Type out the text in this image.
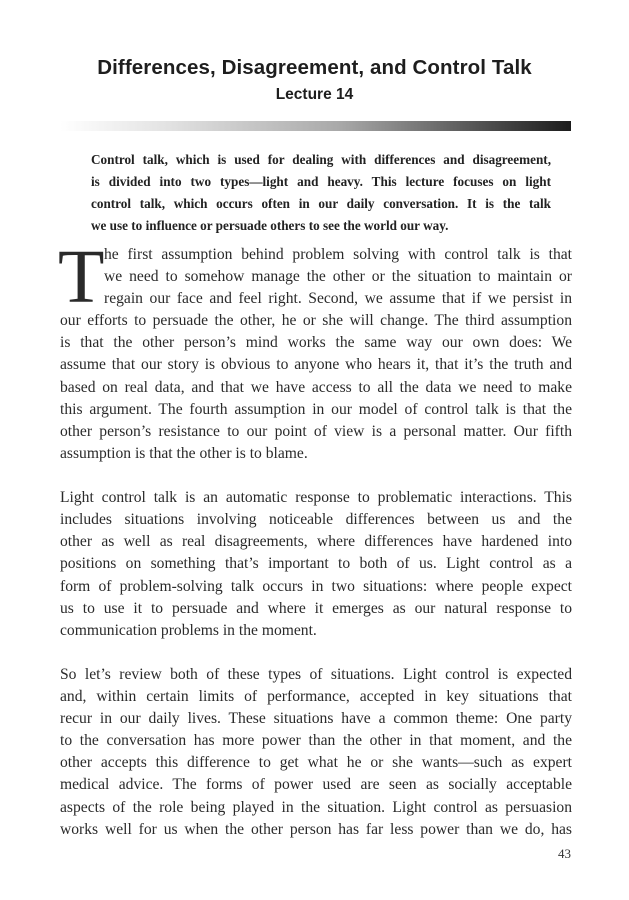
Differences, Disagreement, and Control Talk
Lecture 14
Control talk, which is used for dealing with differences and disagreement,
is divided into two types—light and heavy. This lecture focuses on light
control talk, which occurs often in our daily conversation. It is the talk
we use to influence or persuade others to see the world our way.
T he first assumption behind problem solving with control talk is that
we need to somehow manage the other or the situation to maintain or
regain our face and feel right. Second, we assume that if we persist in
our efforts to persuade the other, he or she will change. The third assumption
is that the other person’s mind works the same way our own does: We
assume that our story is obvious to anyone who hears it, that it’s the truth and
based on real data, and that we have access to all the data we need to make
this argument. The fourth assumption in our model of control talk is that the
other person’s resistance to our point of view is a personal matter. Our fifth
assumption is that the other is to blame.
Light control talk is an automatic response to problematic interactions. This
includes situations involving noticeable differences between us and the
other as well as real disagreements, where differences have hardened into
positions on something that’s important to both of us. Light control as a
form of problem-solving talk occurs in two situations: where people expect
us to use it to persuade and where it emerges as our natural response to
communication problems in the moment.
So let’s review both of these types of situations. Light control is expected
and, within certain limits of performance, accepted in key situations that
recur in our daily lives. These situations have a common theme: One party
to the conversation has more power than the other in that moment, and the
other accepts this difference to get what he or she wants—such as expert
medical advice. The forms of power used are seen as socially acceptable
aspects of the role being played in the situation. Light control as persuasion
works well for us when the other person has far less power than we do, has
43
